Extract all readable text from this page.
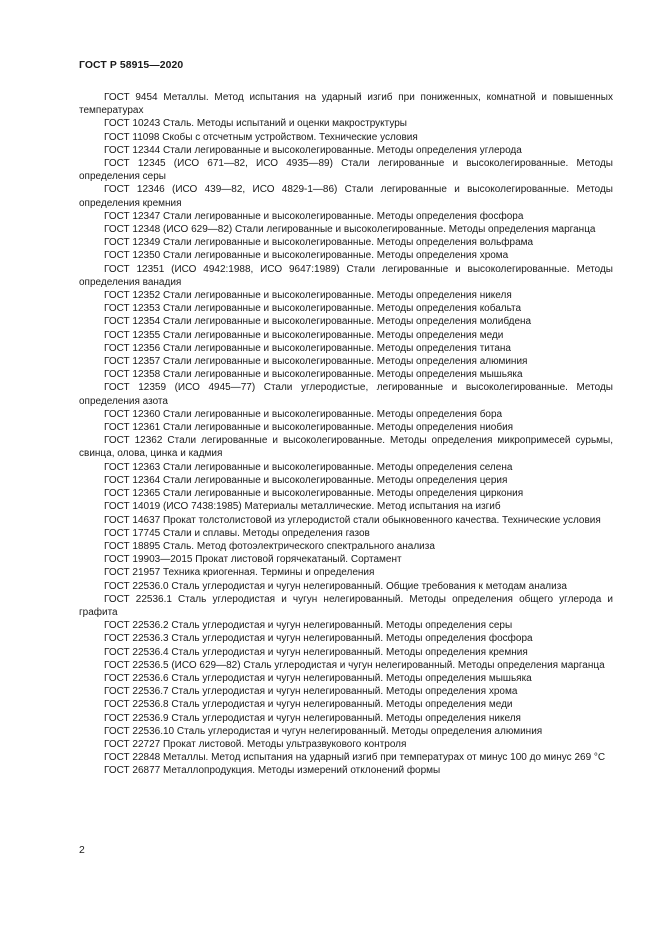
ГОСТ Р 58915—2020

ГОСТ 9454 Металлы. Метод испытания на ударный изгиб при пониженных, комнатной и повышенных температурах

ГОСТ 10243 Сталь. Методы испытаний и оценки макроструктуры

ГОСТ 11098 Скобы с отсчетным устройством. Технические условия

ГОСТ 12344 Стали легированные и высоколегированные. Методы определения углерода

ГОСТ 12345 (ИСО 671—82, ИСО 4935—89) Стали легированные и высоколегированные. Методы определения серы

ГОСТ 12346 (ИСО 439—82, ИСО 4829-1—86) Стали легированные и высоколегированные. Методы определения кремния

ГОСТ 12347 Стали легированные и высоколегированные. Методы определения фосфора

ГОСТ 12348 (ИСО 629—82) Стали легированные и высоколегированные. Методы определения марганца

ГОСТ 12349 Стали легированные и высоколегированные. Методы определения вольфрама

ГОСТ 12350 Стали легированные и высоколегированные. Методы определения хрома

ГОСТ 12351 (ИСО 4942:1988, ИСО 9647:1989) Стали легированные и высоколегированные. Методы определения ванадия

ГОСТ 12352 Стали легированные и высоколегированные. Методы определения никеля

ГОСТ 12353 Стали легированные и высоколегированные. Методы определения кобальта

ГОСТ 12354 Стали легированные и высоколегированные. Методы определения молибдена

ГОСТ 12355 Стали легированные и высоколегированные. Методы определения меди

ГОСТ 12356 Стали легированные и высоколегированные. Методы определения титана

ГОСТ 12357 Стали легированные и высоколегированные. Методы определения алюминия

ГОСТ 12358 Стали легированные и высоколегированные. Методы определения мышьяка

ГОСТ 12359 (ИСО 4945—77) Стали углеродистые, легированные и высоколегированные. Методы определения азота

ГОСТ 12360 Стали легированные и высоколегированные. Методы определения бора

ГОСТ 12361 Стали легированные и высоколегированные. Методы определения ниобия

ГОСТ 12362 Стали легированные и высоколегированные. Методы определения микропримесей сурьмы, свинца, олова, цинка и кадмия

ГОСТ 12363 Стали легированные и высоколегированные. Методы определения селена

ГОСТ 12364 Стали легированные и высоколегированные. Методы определения церия

ГОСТ 12365 Стали легированные и высоколегированные. Методы определения циркония

ГОСТ 14019 (ИСО 7438:1985) Материалы металлические. Метод испытания на изгиб

ГОСТ 14637 Прокат толстолистовой из углеродистой стали обыкновенного качества. Технические условия

ГОСТ 17745 Стали и сплавы. Методы определения газов

ГОСТ 18895 Сталь. Метод фотоэлектрического спектрального анализа

ГОСТ 19903—2015 Прокат листовой горячекатаный. Сортамент

ГОСТ 21957 Техника криогенная. Термины и определения

ГОСТ 22536.0 Сталь углеродистая и чугун нелегированный. Общие требования к методам анализа

ГОСТ 22536.1 Сталь углеродистая и чугун нелегированный. Методы определения общего углерода и графита

ГОСТ 22536.2 Сталь углеродистая и чугун нелегированный. Методы определения серы

ГОСТ 22536.3 Сталь углеродистая и чугун нелегированный. Методы определения фосфора

ГОСТ 22536.4 Сталь углеродистая и чугун нелегированный. Методы определения кремния

ГОСТ 22536.5 (ИСО 629—82) Сталь углеродистая и чугун нелегированный. Методы определения марганца

ГОСТ 22536.6 Сталь углеродистая и чугун нелегированный. Методы определения мышьяка

ГОСТ 22536.7 Сталь углеродистая и чугун нелегированный. Методы определения хрома

ГОСТ 22536.8 Сталь углеродистая и чугун нелегированный. Методы определения меди

ГОСТ 22536.9 Сталь углеродистая и чугун нелегированный. Методы определения никеля

ГОСТ 22536.10 Сталь углеродистая и чугун нелегированный. Методы определения алюминия

ГОСТ 22727 Прокат листовой. Методы ультразвукового контроля

ГОСТ 22848 Металлы. Метод испытания на ударный изгиб при температурах от минус 100 до минус 269 °С

ГОСТ 26877 Металлопродукция. Методы измерений отклонений формы

2
